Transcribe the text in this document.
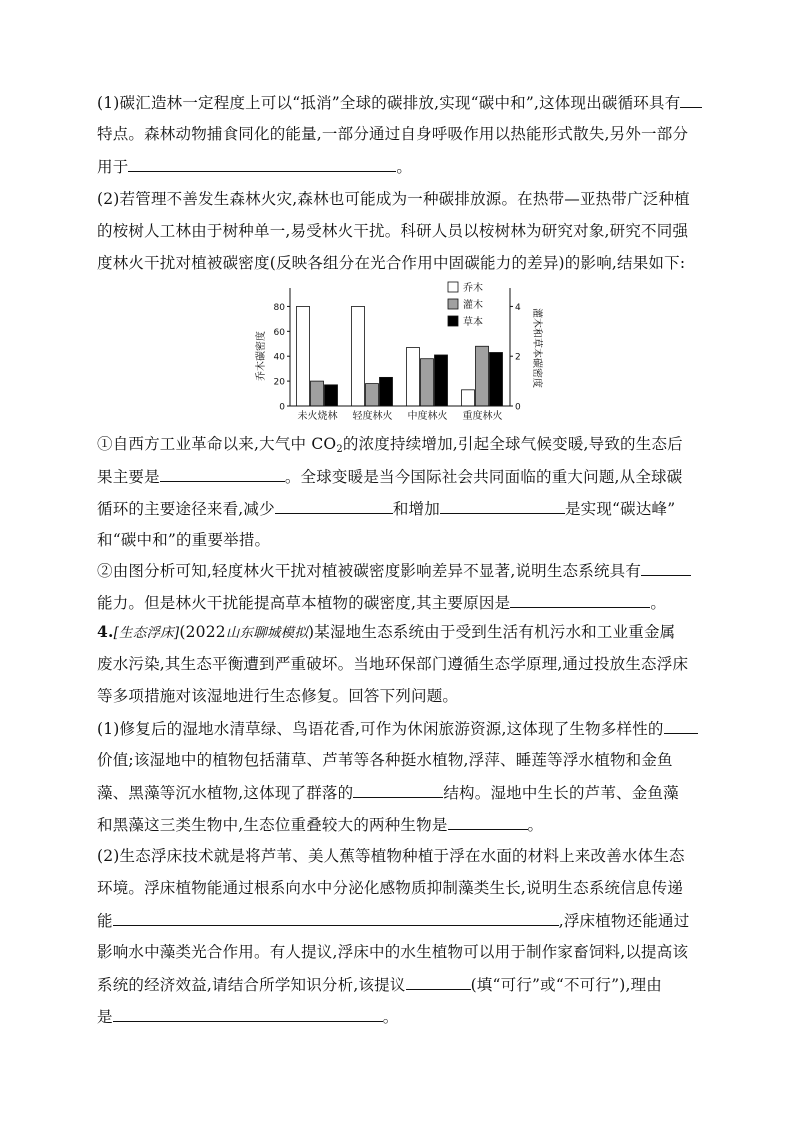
(1)碳汇造林一定程度上可以“抵消”全球的碳排放,实现“碳中和”,这体现出碳循环具有
特点。森林动物捕食同化的能量,一部分通过自身呼吸作用以热能形式散失,另外一部分
用于	。
(2)若管理不善发生森林火灾,森林也可能成为一种碳排放源。在热带—亚热带广泛种植
的桉树人工林由于树种单一,易受林火干扰。科研人员以桉树林为研究对象,研究不同强
度林火干扰对植被碳密度(反映各组分在光合作用中固碳能力的差异)的影响,结果如下:
0
20
40
60
80
0
2
4
乔木碳密度	灌木和草本碳密度
未火烧林 轻度林火 中度林火 重度林火
乔木
灌木
草本
①自西方工业革命以来,大气中 $CO_2$的浓度持续增加,引起全球气候变暖,导致的生态后
果主要是	。全球变暖是当今国际社会共同面临的重大问题,从全球碳
循环的主要途径来看,减少	和增加	是实现“碳达峰”
和“碳中和”的重要举措。
②由图分析可知,轻度林火干扰对植被碳密度影响差异不显著,说明生态系统具有
能力。但是林火干扰能提高草本植物的碳密度,其主要原因是	。
4.[生态浮床](2022山东聊城模拟)某湿地生态系统由于受到生活有机污水和工业重金属
废水污染,其生态平衡遭到严重破坏。当地环保部门遵循生态学原理,通过投放生态浮床
等多项措施对该湿地进行生态修复。回答下列问题。
(1)修复后的湿地水清草绿、鸟语花香,可作为休闲旅游资源,这体现了生物多样性的
价值;该湿地中的植物包括蒲草、芦苇等各种挺水植物,浮萍、睡莲等浮水植物和金鱼
藻、黑藻等沉水植物,这体现了群落的	结构。湿地中生长的芦苇、金鱼藻
和黑藻这三类生物中,生态位重叠较大的两种生物是	。
(2)生态浮床技术就是将芦苇、美人蕉等植物种植于浮在水面的材料上来改善水体生态
环境。浮床植物能通过根系向水中分泌化感物质抑制藻类生长,说明生态系统信息传递
能	,浮床植物还能通过
影响水中藻类光合作用。有人提议,浮床中的水生植物可以用于制作家畜饲料,以提高该
系统的经济效益,请结合所学知识分析,该提议	(填“可行”或“不可行”),理由
是	。
